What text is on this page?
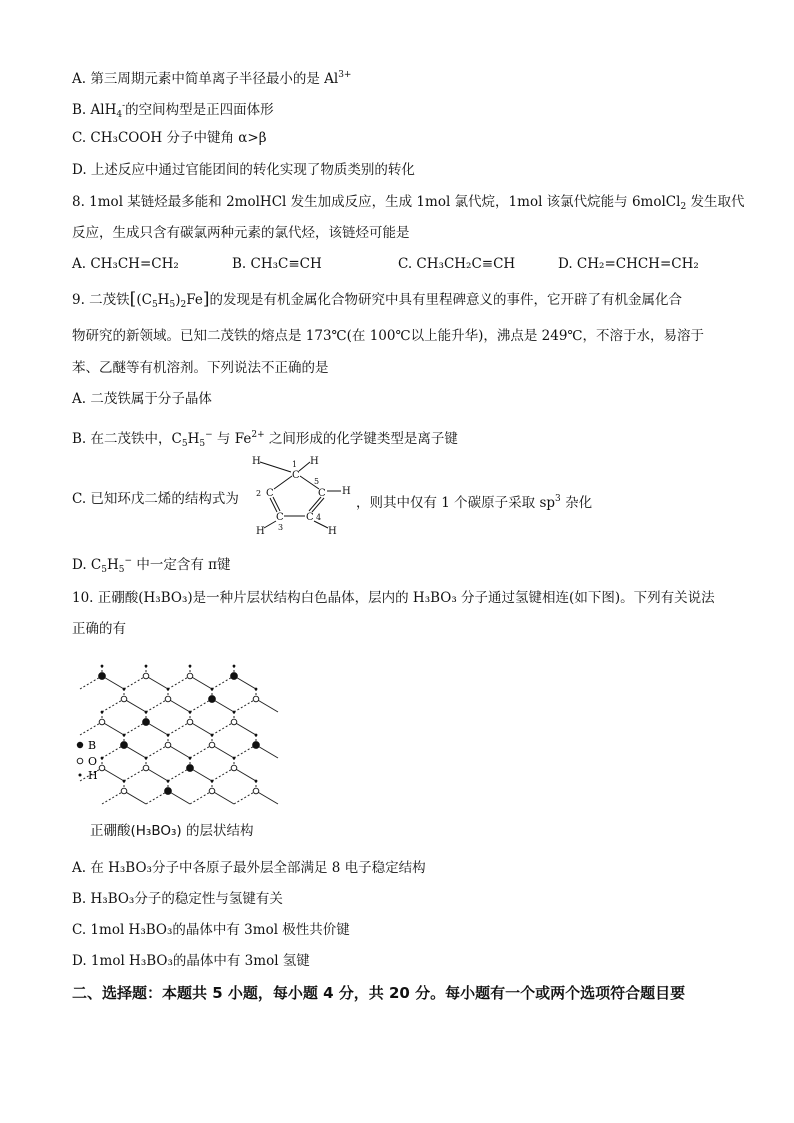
A. 第三周期元素中简单离子半径最小的是 $Al^{3+}$
B. AlH$_4$-的空间构型是正四面体形
C. CH₃COOH 分子中键角 α>β
D. 上述反应中通过官能团间的转化实现了物质类别的转化
8. 1mol 某链烃最多能和 2molHCl 发生加成反应，生成 1mol 氯代烷，1mol 该氯代烷能与 6molCl$_2$ 发生取代
反应，生成只含有碳氯两种元素的氯代烃，该链烃可能是
A. CH₃CH=CH₂	B. CH₃C≡CH	C. CH₃CH₂C≡CH	D. CH₂=CHCH=CH₂
9. 二茂铁$[(C_5H_5)_2Fe]$的发现是有机金属化合物研究中具有里程碑意义的事件，它开辟了有机金属化合
物研究的新领域。已知二茂铁的熔点是 173℃(在 100℃以上能升华)，沸点是 249℃，不溶于水，易溶于
苯、乙醚等有机溶剂。下列说法不正确的是
A. 二茂铁属于分子晶体
B. 在二茂铁中，$C_5H_5^-$ 与 $Fe^{2+}$ 之间形成的化学键类型是离子键
C. 已知环戊二烯的结构式为
H	H
1
C
2 C
5
C H
C C
3
4
H	H
，则其中仅有 1 个碳原子采取 $sp^3$ 杂化
D. $C_5H_5^-$ 中一定含有 π键
10. 正硼酸(H₃BO₃)是一种片层状结构白色晶体，层内的 H₃BO₃ 分子通过氢键相连(如下图)。下列有关说法
正确的有
B
O
H
正硼酸(H₃BO₃) 的层状结构
A. 在 H₃BO₃分子中各原子最外层全部满足 8 电子稳定结构
B. H₃BO₃分子的稳定性与氢键有关
C. 1mol H₃BO₃的晶体中有 3mol 极性共价键
D. 1mol H₃BO₃的晶体中有 3mol 氢键
二、选择题：本题共 5 小题，每小题 4 分，共 20 分。每小题有一个或两个选项符合题目要
